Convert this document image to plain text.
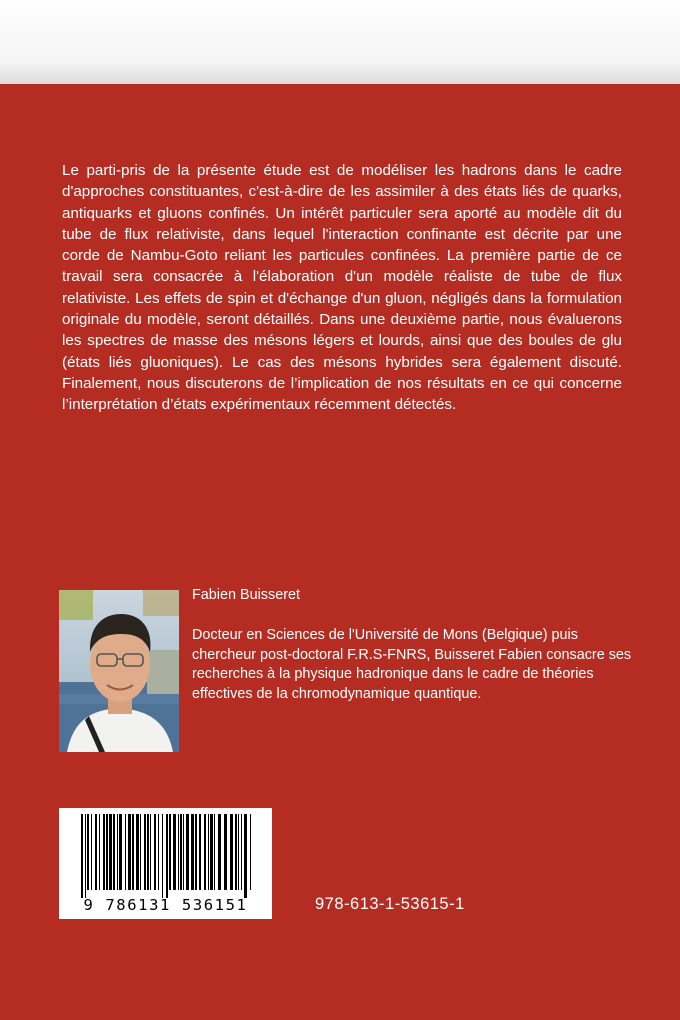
Le parti-pris de la présente étude est de modéliser les hadrons dans le cadre d'approches constituantes, c'est-à-dire de les assimiler à des états liés de quarks, antiquarks et gluons confinés. Un intérêt particuler sera aporté au modèle dit du tube de flux relativiste, dans lequel l'interaction confinante est décrite par une corde de Nambu-Goto reliant les particules confinées. La première partie de ce travail sera consacrée à l'élaboration d'un modèle réaliste de tube de flux relativiste. Les effets de spin et d'échange d'un gluon, négligés dans la formulation originale du modèle, seront détaillés. Dans une deuxième partie, nous évaluerons les spectres de masse des mésons légers et lourds, ainsi que des boules de glu (états liés gluoniques). Le cas des mésons hybrides sera également discuté. Finalement, nous discuterons de l’implication de nos résultats en ce qui concerne l’interprétation d’états expérimentaux récemment détectés.

Fabien Buisseret

Docteur en Sciences de l'Université de Mons (Belgique) puis chercheur post-doctoral F.R.S-FNRS, Buisseret Fabien consacre ses recherches à la physique hadronique dans le cadre de théories effectives de la chromodynamique quantique.

9 786131 536151	978-613-1-53615-1
